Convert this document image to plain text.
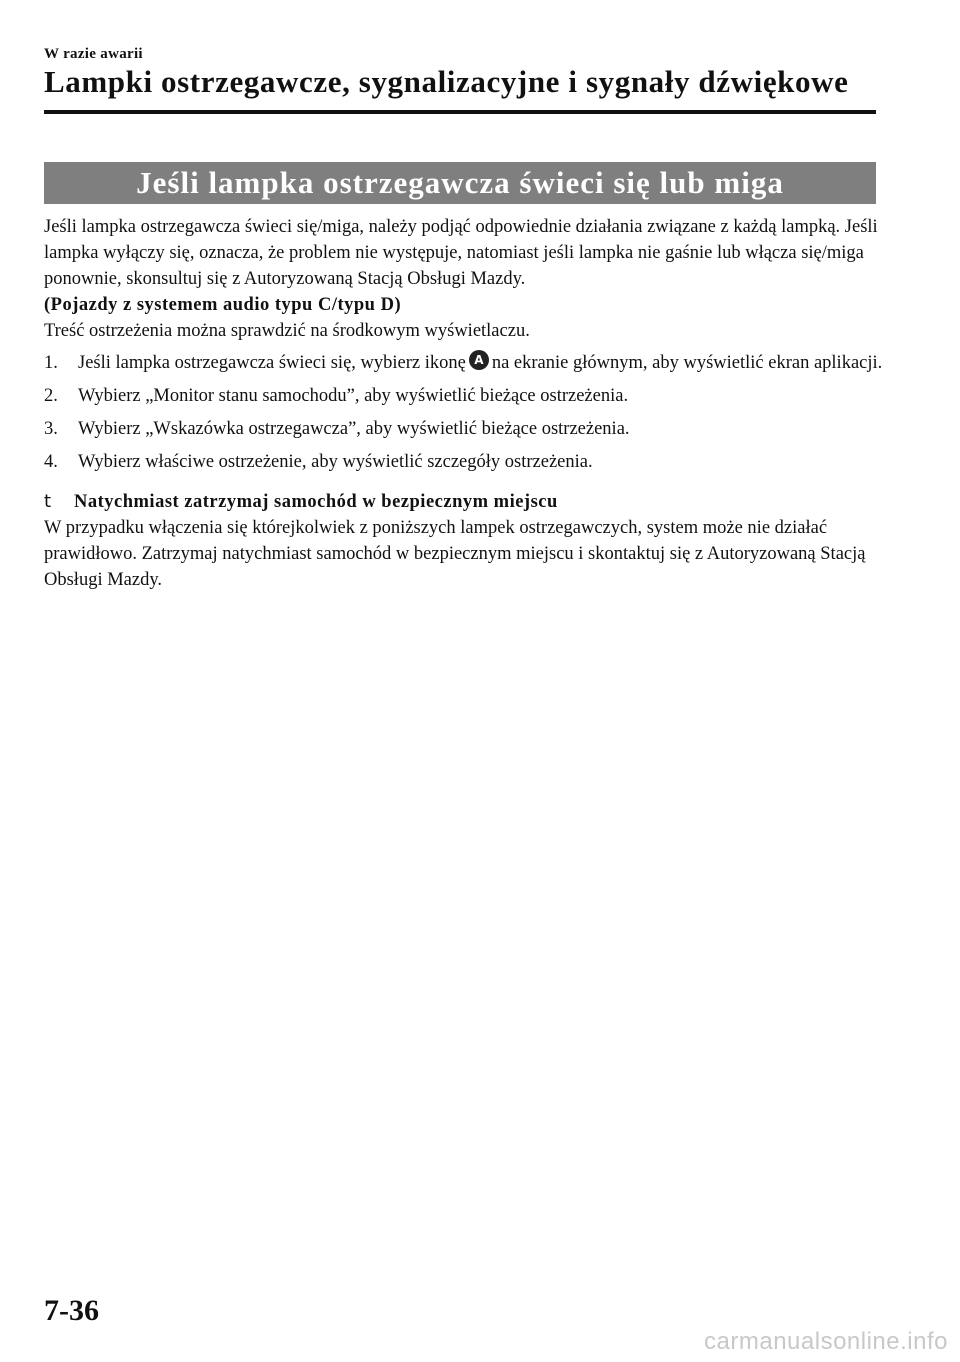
W razie awarii
Lampki ostrzegawcze, sygnalizacyjne i sygnały dźwiękowe
Jeśli lampka ostrzegawcza świeci się lub miga

Jeśli lampka ostrzegawcza świeci się/miga, należy podjąć odpowiednie działania związane z każdą lampką. Jeśli lampka wyłączy się, oznacza, że problem nie występuje, natomiast jeśli lampka nie gaśnie lub włącza się/miga ponownie, skonsultuj się z Autoryzowaną Stacją Obsługi Mazdy.

(Pojazdy z systemem audio typu C/typu D)

Treść ostrzeżenia można sprawdzić na środkowym wyświetlaczu.

1. Jeśli lampka ostrzegawcza świeci się, wybierz ikonę A na ekranie głównym, aby wyświetlić ekran aplikacji.
2. Wybierz „Monitor stanu samochodu”, aby wyświetlić bieżące ostrzeżenia.
3. Wybierz „Wskazówka ostrzegawcza”, aby wyświetlić bieżące ostrzeżenia.
4. Wybierz właściwe ostrzeżenie, aby wyświetlić szczegóły ostrzeżenia.
t Natychmiast zatrzymaj samochód w bezpiecznym miejscu

W przypadku włączenia się którejkolwiek z poniższych lampek ostrzegawczych, system może nie działać prawidłowo. Zatrzymaj natychmiast samochód w bezpiecznym miejscu i skontaktuj się z Autoryzowaną Stacją Obsługi Mazdy.

7-36
carmanualsonline.info
